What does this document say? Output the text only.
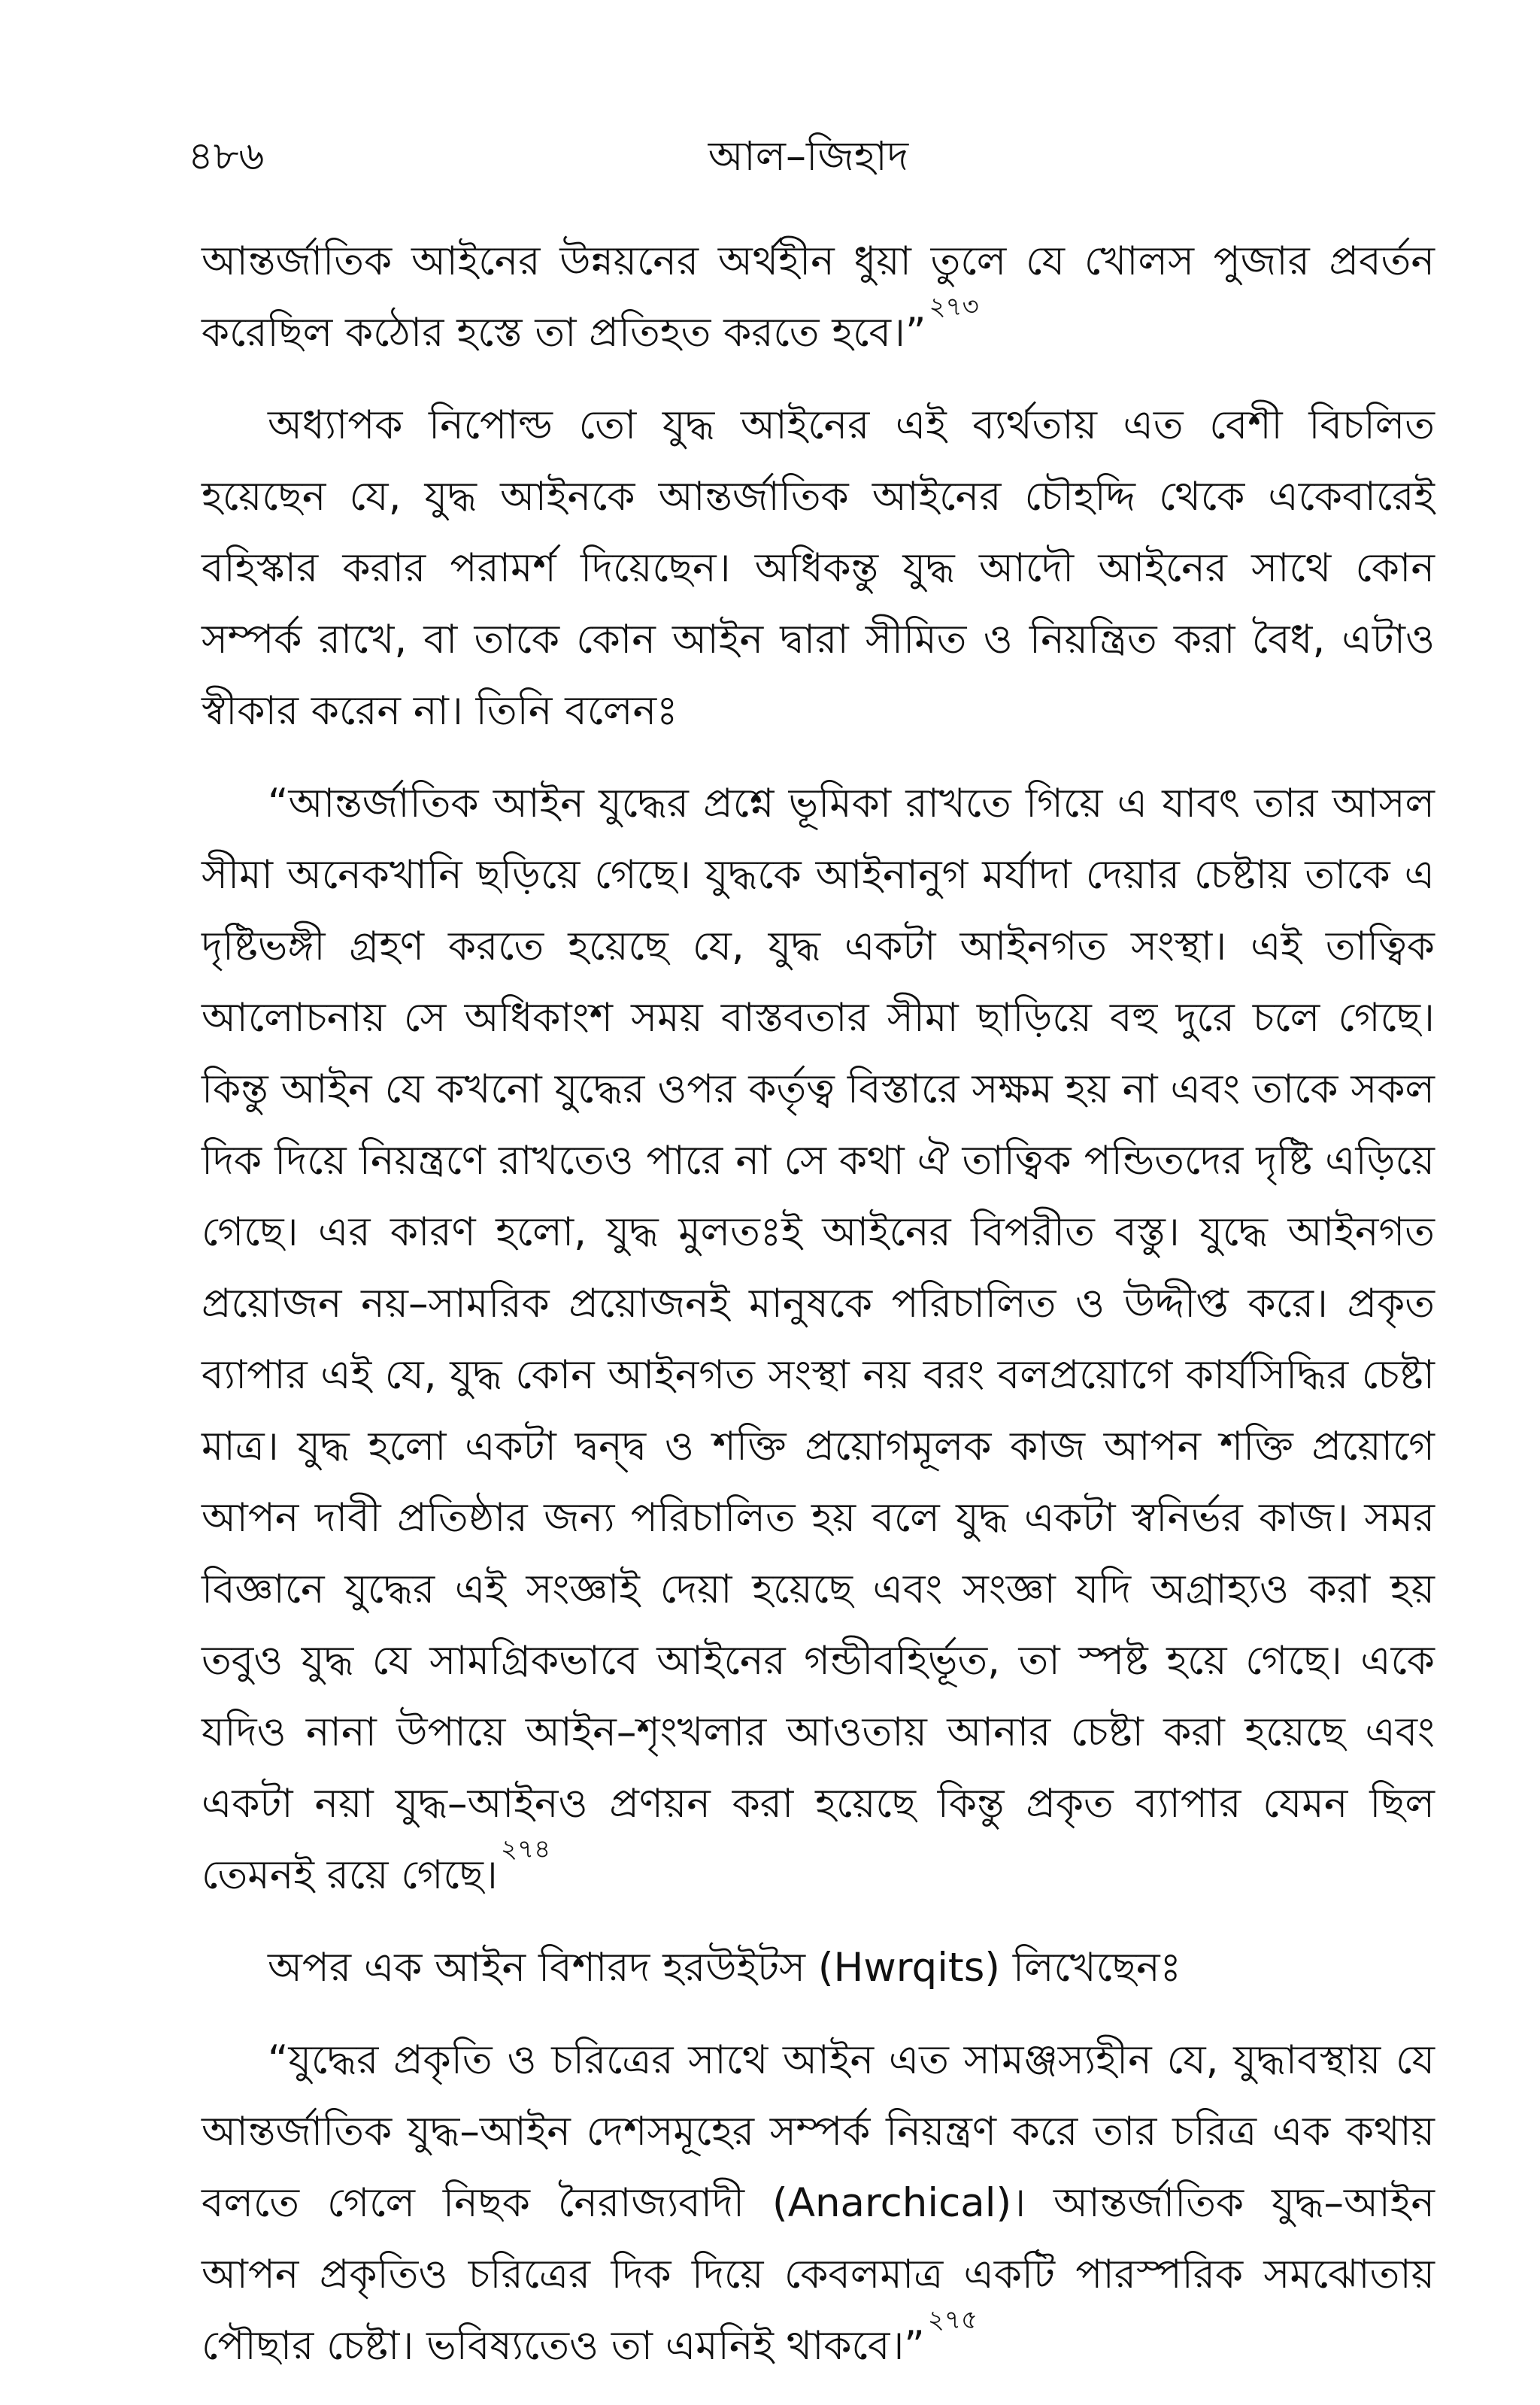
৪৮৬	আল–জিহাদ

আন্তর্জাতিক আইনের উন্নয়নের অর্থহীন ধুয়া তুলে যে খোলস পুজার প্রবর্তন করেছিল কঠোর হস্তে তা প্রতিহত করতে হবে।”$^{২৭৩}$

অধ্যাপক নিপোল্ড তো যুদ্ধ আইনের এই ব্যর্থতায় এত বেশী বিচলিত হয়েছেন যে, যুদ্ধ আইনকে আন্তর্জাতিক আইনের চৌহদ্দি থেকে একেবারেই বহিস্কার করার পরামর্শ দিয়েছেন। অধিকন্তু যুদ্ধ আদৌ আইনের সাথে কোন সম্পর্ক রাখে, বা তাকে কোন আইন দ্বারা সীমিত ও নিয়ন্ত্রিত করা বৈধ, এটাও স্বীকার করেন না। তিনি বলেনঃ

“আন্তর্জাতিক আইন যুদ্ধের প্রশ্নে ভূমিকা রাখতে গিয়ে এ যাবৎ তার আসল সীমা অনেকখানি ছড়িয়ে গেছে। যুদ্ধকে আইনানুগ মর্যাদা দেয়ার চেষ্টায় তাকে এ দৃষ্টিভঙ্গী গ্রহণ করতে হয়েছে যে, যুদ্ধ একটা আইনগত সংস্থা। এই তাত্বিক আলোচনায় সে অধিকাংশ সময় বাস্তবতার সীমা ছাড়িয়ে বহু দুরে চলে গেছে। কিন্তু আইন যে কখনো যুদ্ধের ওপর কর্তৃত্ব বিস্তারে সক্ষম হয় না এবং তাকে সকল দিক দিয়ে নিয়ন্ত্রণে রাখতেও পারে না সে কথা ঐ তাত্বিক পন্ডিতদের দৃষ্টি এড়িয়ে গেছে। এর কারণ হলো, যুদ্ধ মুলতঃই আইনের বিপরীত বস্তু। যুদ্ধে আইনগত প্রয়োজন নয়–সামরিক প্রয়োজনই মানুষকে পরিচালিত ও উদ্দীপ্ত করে। প্রকৃত ব্যাপার এই যে, যুদ্ধ কোন আইনগত সংস্থা নয় বরং বলপ্রয়োগে কার্যসিদ্ধির চেষ্টা মাত্র। যুদ্ধ হলো একটা দ্বন্দ্ব ও শক্তি প্রয়োগমূলক কাজ আপন শক্তি প্রয়োগে আপন দাবী প্রতিষ্ঠার জন্য পরিচালিত হয় বলে যুদ্ধ একটা স্বনির্ভর কাজ। সমর বিজ্ঞানে যুদ্ধের এই সংজ্ঞাই দেয়া হয়েছে এবং সংজ্ঞা যদি অগ্রাহ্যও করা হয় তবুও যুদ্ধ যে সামগ্রিকভাবে আইনের গন্ডীবহির্ভূত, তা স্পষ্ট হয়ে গেছে। একে যদিও নানা উপায়ে আইন–শৃংখলার আওতায় আনার চেষ্টা করা হয়েছে এবং একটা নয়া যুদ্ধ–আইনও প্রণয়ন করা হয়েছে কিন্তু প্রকৃত ব্যাপার যেমন ছিল তেমনই রয়ে গেছে।$^{২৭৪}$

অপর এক আইন বিশারদ হরউইটস (Hwrqits) লিখেছেনঃ

“যুদ্ধের প্রকৃতি ও চরিত্রের সাথে আইন এত সামঞ্জস্যহীন যে, যুদ্ধাবস্থায় যে আন্তর্জাতিক যুদ্ধ–আইন দেশসমূহের সম্পর্ক নিয়ন্ত্রণ করে তার চরিত্র এক কথায় বলতে গেলে নিছক নৈরাজ্যবাদী (Anarchical)। আন্তর্জাতিক যুদ্ধ–আইন আপন প্রকৃতিও চরিত্রের দিক দিয়ে কেবলমাত্র একটি পারস্পরিক সমঝোতায় পৌছার চেষ্টা। ভবিষ্যতেও তা এমনিই থাকবে।”$^{২৭৫}$
